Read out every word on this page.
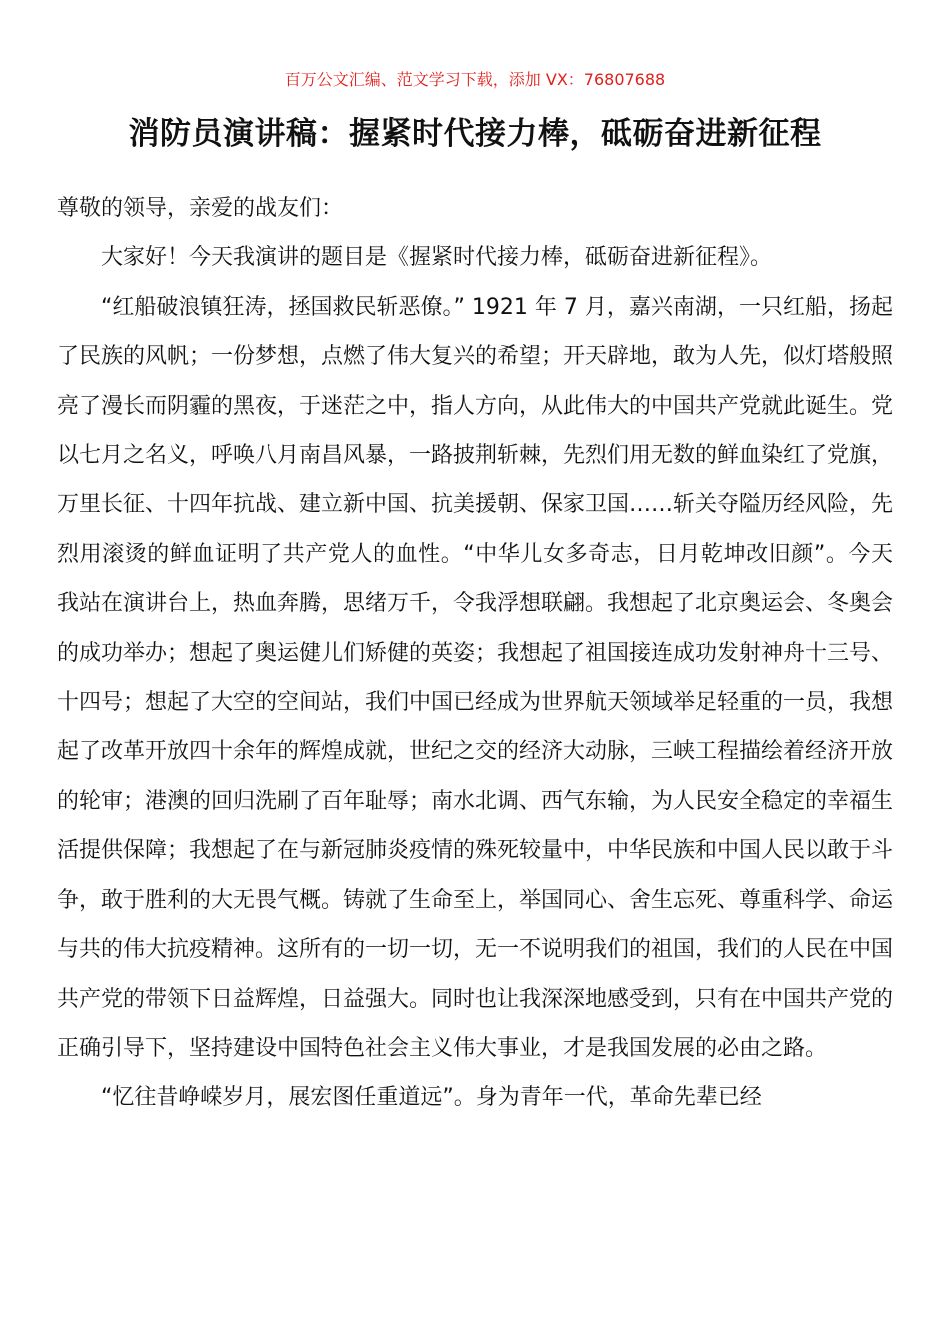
百万公文汇编、范文学习下载，添加 VX：76807688
消防员演讲稿：握紧时代接力棒，砥砺奋进新征程

尊敬的领导，亲爱的战友们：

大家好！今天我演讲的题目是《握紧时代接力棒，砥砺奋进新征程》。

“红船破浪镇狂涛，拯国救民斩恶僚。” 1921 年 7 月，嘉兴南湖，一只红船，扬起了民族的风帆；一份梦想，点燃了伟大复兴的希望；开天辟地，敢为人先，似灯塔般照亮了漫长而阴霾的黑夜，于迷茫之中，指人方向，从此伟大的中国共产党就此诞生。党以七月之名义，呼唤八月南昌风暴，一路披荆斩棘，先烈们用无数的鲜血染红了党旗，万里长征、十四年抗战、建立新中国、抗美援朝、保家卫国……斩关夺隘历经风险，先烈用滚烫的鲜血证明了共产党人的血性。“中华儿女多奇志，日月乾坤改旧颜”。今天我站在演讲台上，热血奔腾，思绪万千，令我浮想联翩。我想起了北京奥运会、冬奥会的成功举办；想起了奥运健儿们矫健的英姿；我想起了祖国接连成功发射神舟十三号、十四号；想起了大空的空间站，我们中国已经成为世界航天领域举足轻重的一员，我想起了改革开放四十余年的辉煌成就，世纪之交的经济大动脉，三峡工程描绘着经济开放的轮审；港澳的回归洗刷了百年耻辱；南水北调、西气东输，为人民安全稳定的幸福生活提供保障；我想起了在与新冠肺炎疫情的殊死较量中，中华民族和中国人民以敢于斗争，敢于胜利的大无畏气概。铸就了生命至上，举国同心、舍生忘死、尊重科学、命运与共的伟大抗疫精神。这所有的一切一切，无一不说明我们的祖国，我们的人民在中国共产党的带领下日益辉煌，日益强大。同时也让我深深地感受到，只有在中国共产党的正确引导下，坚持建设中国特色社会主义伟大事业，才是我国发展的必由之路。

“忆往昔峥嵘岁月，展宏图任重道远”。身为青年一代，革命先辈已经
